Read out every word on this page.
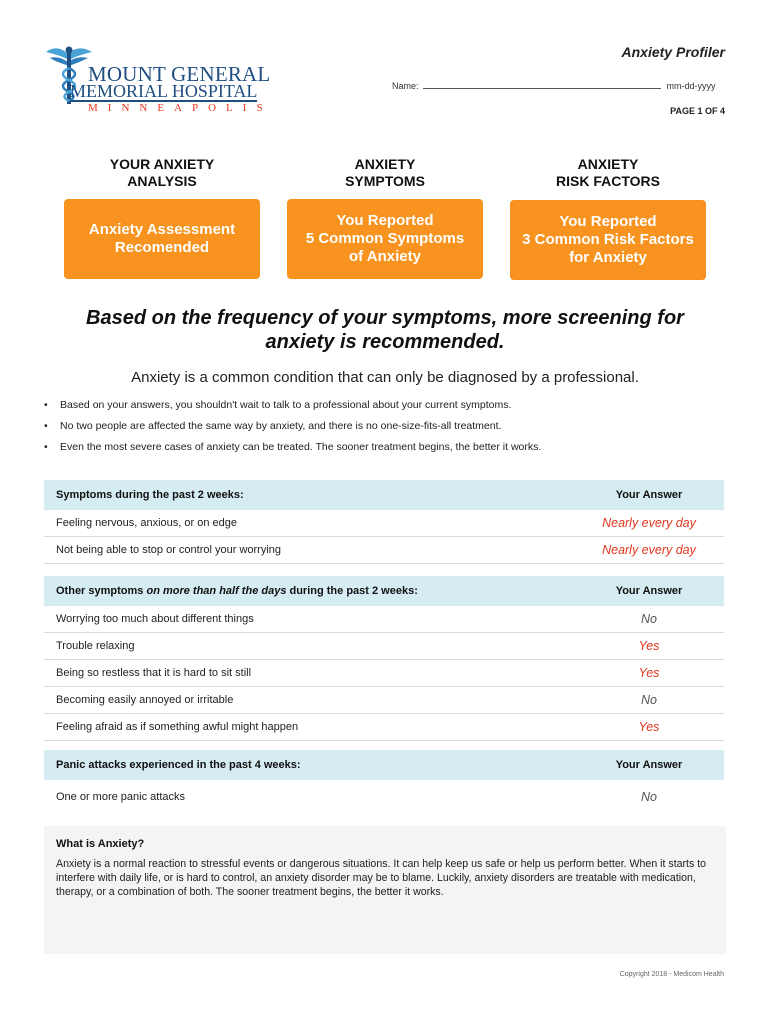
MOUNT GENERAL
MEMORIAL HOSPITAL
MINNEAPOLIS
Anxiety Profiler
Name:	mm-dd-yyyy
PAGE 1 OF 4
YOUR ANXIETY
ANALYSIS
ANXIETY
SYMPTOMS
ANXIETY
RISK FACTORS
Anxiety Assessment
Recomended
You Reported
5 Common Symptoms
of Anxiety
You Reported
3 Common Risk Factors
for Anxiety
Based on the frequency of your symptoms, more screening for
anxiety is recommended.
Anxiety is a common condition that can only be diagnosed by a professional.
• Based on your answers, you shouldn't wait to talk to a professional about your current symptoms.
• No two people are affected the same way by anxiety, and there is no one-size-fits-all treatment.
• Even the most severe cases of anxiety can be treated. The sooner treatment begins, the better it works.
Symptoms during the past 2 weeks:	Your Answer
Feeling nervous, anxious, or on edge	Nearly every day
Not being able to stop or control your worrying	Nearly every day
Other symptoms on more than half the days during the past 2 weeks:	Your Answer
Worrying too much about different things	No
Trouble relaxing	Yes
Being so restless that it is hard to sit still	Yes
Becoming easily annoyed or irritable	No
Feeling afraid as if something awful might happen	Yes
Panic attacks experienced in the past 4 weeks:	Your Answer
One or more panic attacks	No
What is Anxiety?
Anxiety is a normal reaction to stressful events or dangerous situations. It can help keep us safe or help us perform better. When it starts to interfere with daily life, or is hard to control, an anxiety disorder may be to blame. Luckily, anxiety disorders are treatable with medication, therapy, or a combination of both. The sooner treatment begins, the better it works.
Copyright 2018 - Medicom Health
